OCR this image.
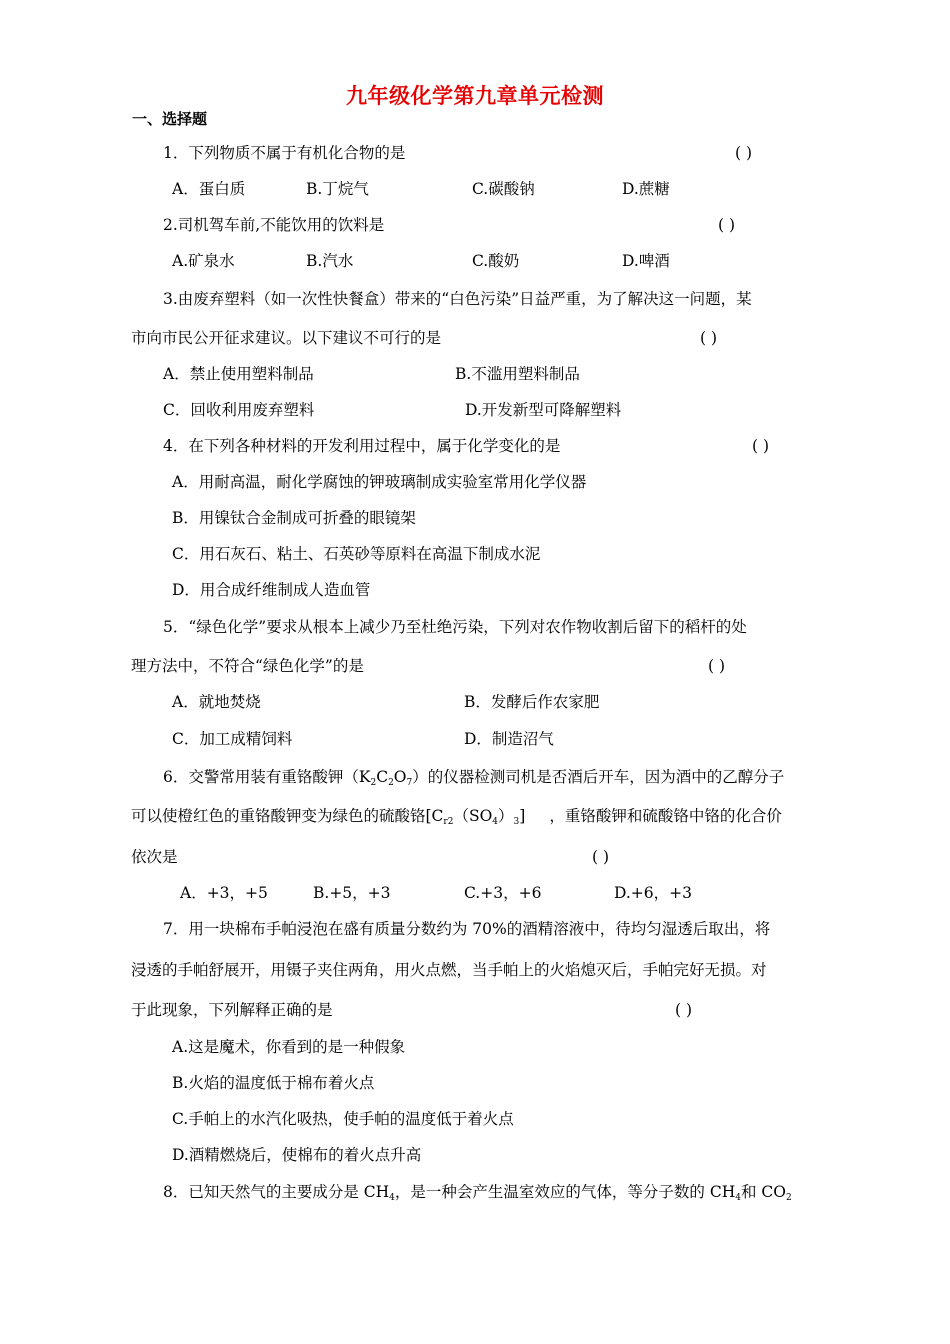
九年级化学第九章单元检测
一、选择题
1．下列物质不属于有机化合物的是	( )
A．蛋白质	B.丁烷气	C.碳酸钠	D.蔗糖
2.司机驾车前,不能饮用的饮料是	( )
A.矿泉水	B.汽水	C.酸奶	D.啤酒
3.由废弃塑料（如一次性快餐盒）带来的“白色污染”日益严重，为了解决这一问题，某
市向市民公开征求建议。以下建议不可行的是	( )
A．禁止使用塑料制品	B.不滥用塑料制品
C．回收利用废弃塑料	D.开发新型可降解塑料
4．在下列各种材料的开发利用过程中，属于化学变化的是	( )
A．用耐高温，耐化学腐蚀的钾玻璃制成实验室常用化学仪器
B．用镍钛合金制成可折叠的眼镜架
C．用石灰石、粘土、石英砂等原料在高温下制成水泥
D．用合成纤维制成人造血管
5．“绿色化学”要求从根本上减少乃至杜绝污染，下列对农作物收割后留下的稻杆的处
理方法中，不符合“绿色化学”的是	( )
A．就地焚烧	B．发酵后作农家肥
C．加工成精饲料	D．制造沼气
6．交警常用装有重铬酸钾$(K_2C_2O_7)$的仪器检测司机是否酒后开车，因为酒中的乙醇分子
可以使橙红色的重铬酸钾变为绿色的硫酸铬$[C_{r2}(SO_4)_3]$ ，重铬酸钾和硫酸铬中铬的化合价
依次是	( )
A．+3，+5	B.+5，+3	C.+3，+6	D.+6，+3
7．用一块棉布手帕浸泡在盛有质量分数约为 70%的酒精溶液中，待均匀湿透后取出，将
浸透的手帕舒展开，用镊子夹住两角，用火点燃，当手帕上的火焰熄灭后，手帕完好无损。对
于此现象，下列解释正确的是	( )
A.这是魔术，你看到的是一种假象
B.火焰的温度低于棉布着火点
C.手帕上的水汽化吸热，使手帕的温度低于着火点
D.酒精燃烧后，使棉布的着火点升高
8．已知天然气的主要成分是 $CH_4$，是一种会产生温室效应的气体，等分子数的 $CH_4$和 $CO_2$
